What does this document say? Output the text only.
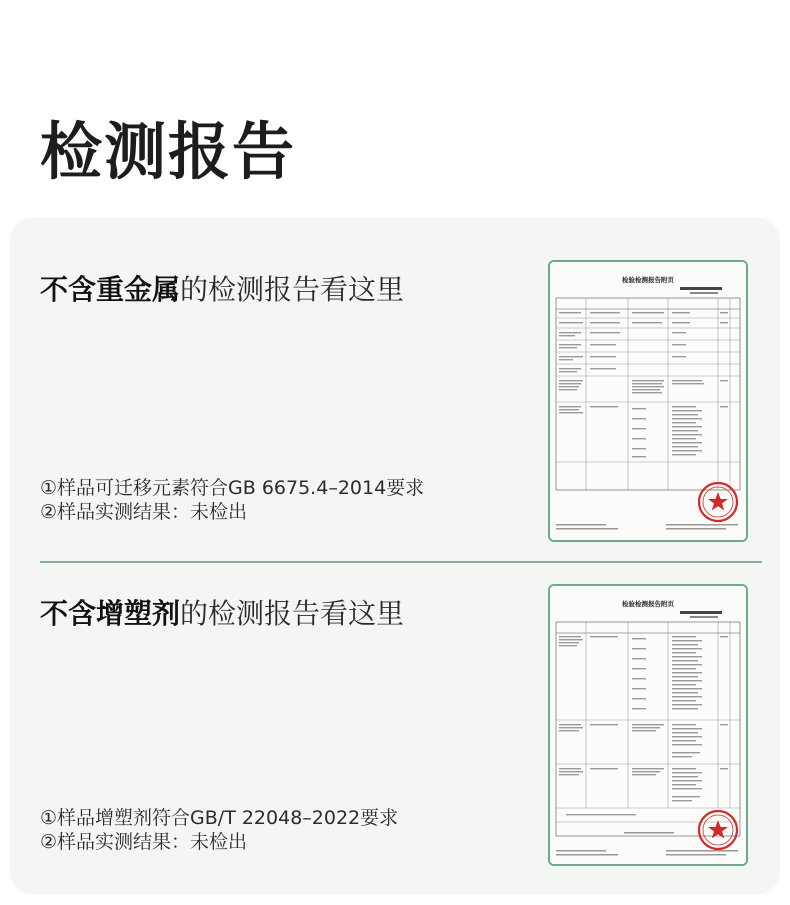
检测报告
不含重金属的检测报告看这里
①样品可迁移元素符合GB 6675.4–2014要求
②样品实测结果：未检出
检验检测报告附页
不含增塑剂的检测报告看这里
①样品增塑剂符合GB/T 22048–2022要求
②样品实测结果：未检出
检验检测报告附页
